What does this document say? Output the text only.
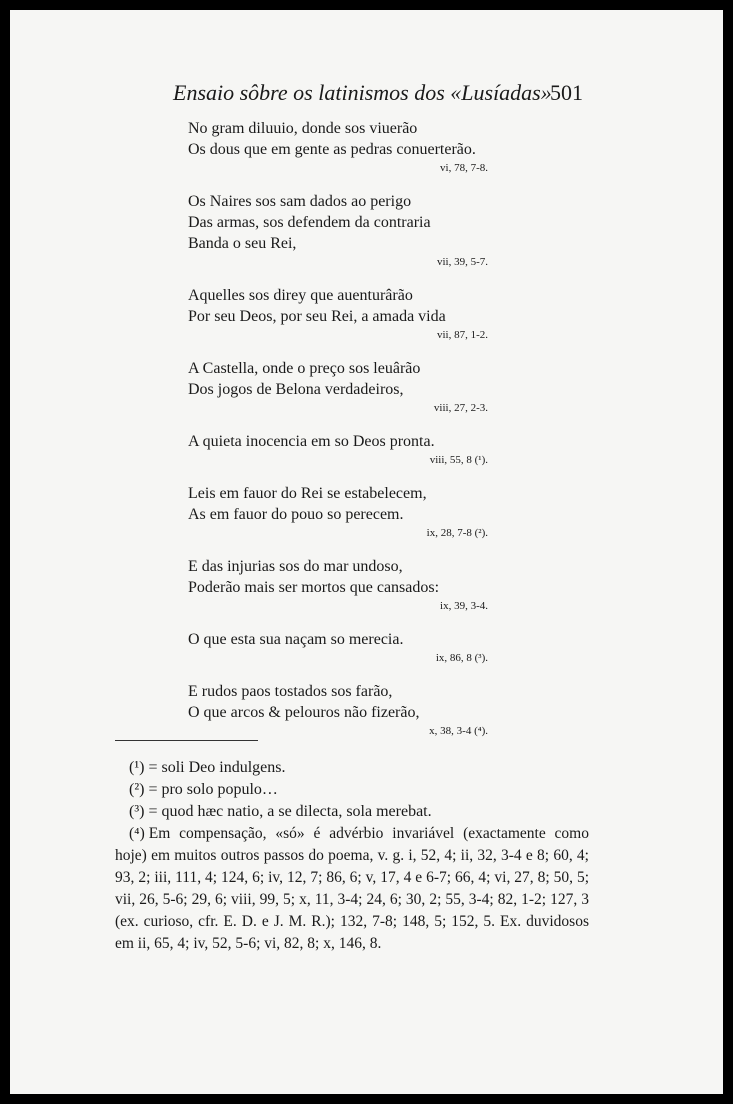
Ensaio sôbre os latinismos dos «Lusíadas»
501
No gram diluuio, donde sos viuerão
Os dous que em gente as pedras conuerterão.
vi, 78, 7-8.
Os Naires sos sam dados ao perigo
Das armas, sos defendem da contraria
Banda o seu Rei,
vii, 39, 5-7.
Aquelles sos direy que auenturârão
Por seu Deos, por seu Rei, a amada vida
vii, 87, 1-2.
A Castella, onde o preço sos leuârão
Dos jogos de Belona verdadeiros,
viii, 27, 2-3.
A quieta inocencia em so Deos pronta.
viii, 55, 8 (¹).
Leis em fauor do Rei se estabelecem,
As em fauor do pouo so perecem.
ix, 28, 7-8 (²).
E das injurias sos do mar undoso,
Poderão mais ser mortos que cansados:
ix, 39, 3-4.
O que esta sua naçam so merecia.
ix, 86, 8 (³).
E rudos paos tostados sos farão,
O que arcos & pelouros não fizerão,
x, 38, 3-4 (⁴).
(¹) = soli Deo indulgens.
(²) = pro solo populo…
(³) = quod hæc natio, a se dilecta, sola merebat.
(⁴) Em compensação, «só» é advérbio invariável (exactamente como hoje) em muitos outros passos do poema, v. g. i, 52, 4; ii, 32, 3-4 e 8; 60, 4; 93, 2; iii, 111, 4; 124, 6; iv, 12, 7; 86, 6; v, 17, 4 e 6-7; 66, 4; vi, 27, 8; 50, 5; vii, 26, 5-6; 29, 6; viii, 99, 5; x, 11, 3-4; 24, 6; 30, 2; 55, 3-4; 82, 1-2; 127, 3 (ex. curioso, cfr. E. D. e J. M. R.); 132, 7-8; 148, 5; 152, 5. Ex. duvidosos em ii, 65, 4; iv, 52, 5-6; vi, 82, 8; x, 146, 8.
